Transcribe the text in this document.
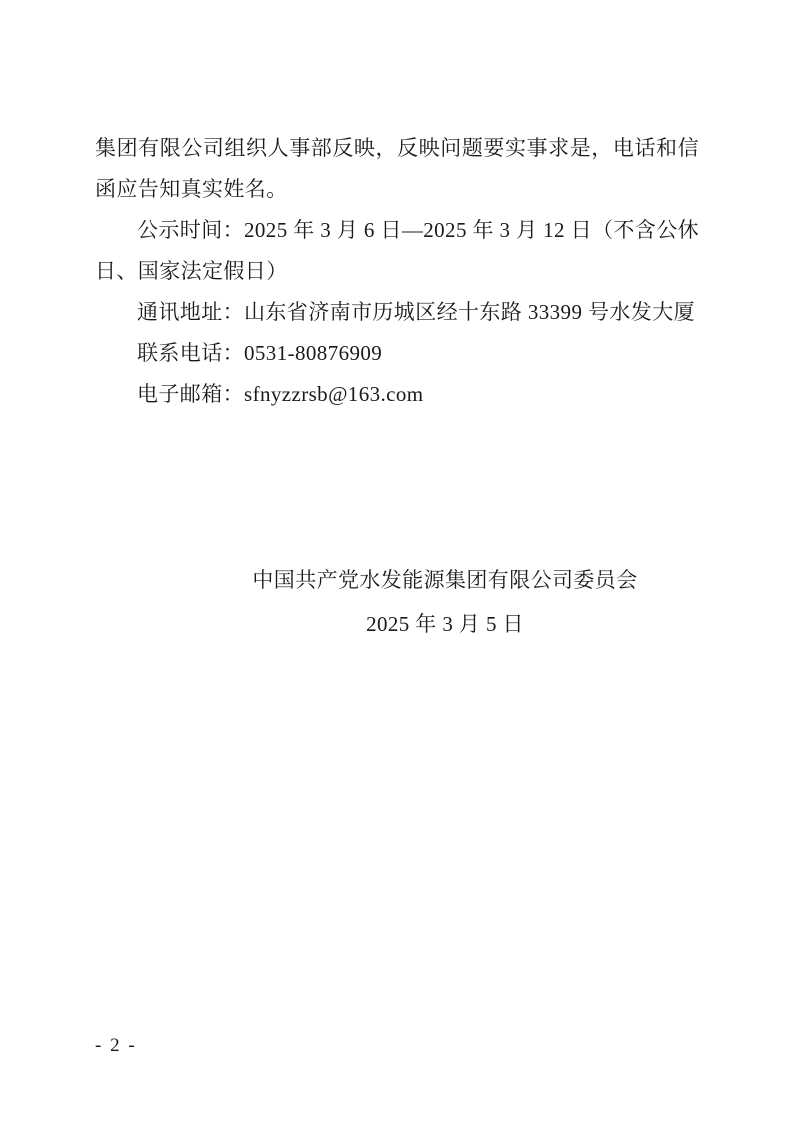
集团有限公司组织人事部反映，反映问题要实事求是，电话和信函应告知真实姓名。

公示时间：2025 年 3 月 6 日—2025 年 3 月 12 日（不含公休日、国家法定假日）

通讯地址：山东省济南市历城区经十东路 33399 号水发大厦

联系电话：0531-80876909

电子邮箱：sfnyzzrsb@163.com

中国共产党水发能源集团有限公司委员会

2025 年 3 月 5 日

- 2 -
